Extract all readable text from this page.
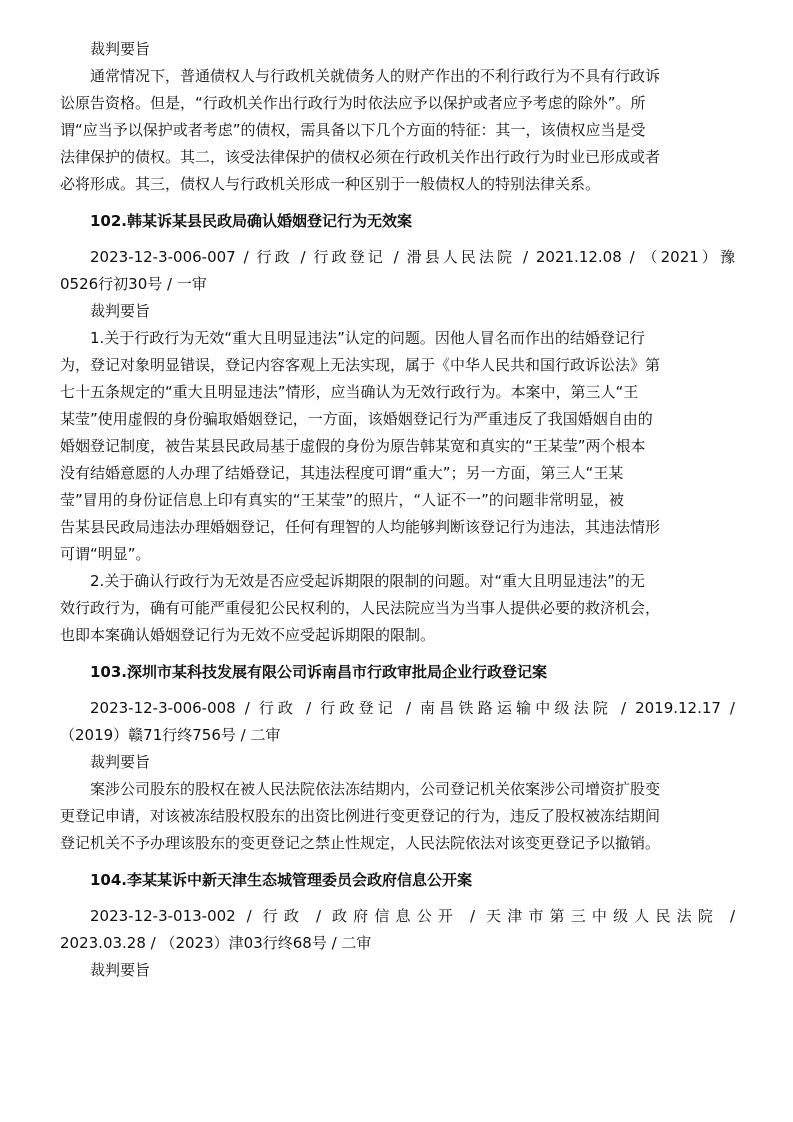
裁判要旨

通常情况下，普通债权人与行政机关就债务人的财产作出的不利行政行为不具有行政诉

讼原告资格。但是，“行政机关作出行政行为时依法应予以保护或者应予考虑的除外”。所

谓“应当予以保护或者考虑”的债权，需具备以下几个方面的特征：其一，该债权应当是受

法律保护的债权。其二，该受法律保护的债权必须在行政机关作出行政行为时业已形成或者

必将形成。其三，债权人与行政机关形成一种区别于一般债权人的特别法律关系。

102.韩某诉某县民政局确认婚姻登记行为无效案

2023-12-3-006-007 / 行政 / 行政登记 / 滑县人民法院 / 2021.12.08 / （2021）豫

0526行初30号 / 一审

裁判要旨

1.关于行政行为无效“重大且明显违法”认定的问题。因他人冒名而作出的结婚登记行

为，登记对象明显错误，登记内容客观上无法实现，属于《中华人民共和国行政诉讼法》第

七十五条规定的“重大且明显违法”情形，应当确认为无效行政行为。本案中，第三人“王

某莹”使用虚假的身份骗取婚姻登记，一方面，该婚姻登记行为严重违反了我国婚姻自由的

婚姻登记制度，被告某县民政局基于虚假的身份为原告韩某宽和真实的“王某莹”两个根本

没有结婚意愿的人办理了结婚登记，其违法程度可谓“重大”；另一方面，第三人“王某

莹”冒用的身份证信息上印有真实的“王某莹”的照片，“人证不一”的问题非常明显，被

告某县民政局违法办理婚姻登记，任何有理智的人均能够判断该登记行为违法，其违法情形

可谓“明显”。

2.关于确认行政行为无效是否应受起诉期限的限制的问题。对“重大且明显违法”的无

效行政行为，确有可能严重侵犯公民权利的，人民法院应当为当事人提供必要的救济机会，

也即本案确认婚姻登记行为无效不应受起诉期限的限制。

103.深圳市某科技发展有限公司诉南昌市行政审批局企业行政登记案

2023-12-3-006-008 / 行政 / 行政登记 / 南昌铁路运输中级法院 / 2019.12.17 /

（2019）赣71行终756号 / 二审

裁判要旨

案涉公司股东的股权在被人民法院依法冻结期内，公司登记机关依案涉公司增资扩股变

更登记申请，对该被冻结股权股东的出资比例进行变更登记的行为，违反了股权被冻结期间

登记机关不予办理该股东的变更登记之禁止性规定，人民法院依法对该变更登记予以撤销。

104.李某某诉中新天津生态城管理委员会政府信息公开案

2023-12-3-013-002 / 行政 / 政府信息公开 / 天津市第三中级人民法院 /

2023.03.28 / （2023）津03行终68号 / 二审

裁判要旨
